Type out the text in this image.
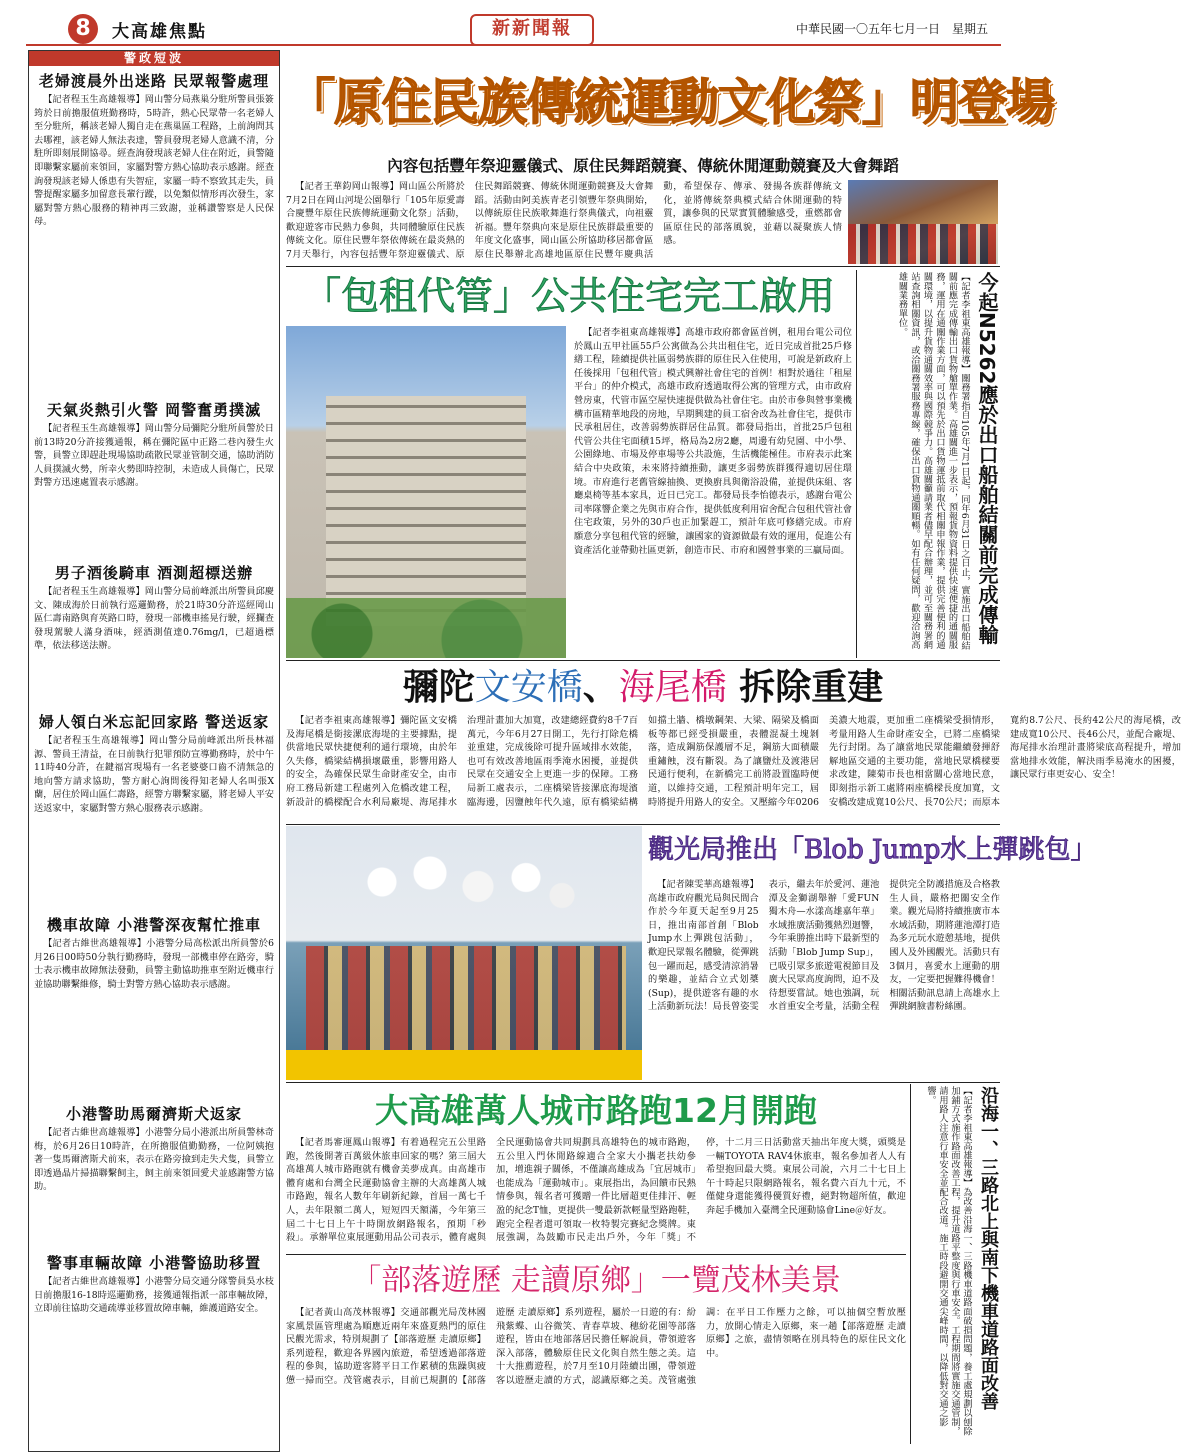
8	大高雄焦點	新新聞報	中華民國一〇五年七月一日　星期五
警政短波
老婦渡晨外出迷路 民眾報警處理

【記者程玉生高雄報導】岡山警分局燕巢分駐所警員張簽筠於日前擔服值班勤務時，5時許，熱心民眾帶一名老婦人至分駐所，稱該老婦人獨自走在燕巢區工程路，上前詢問其去哪裡，該老婦人無法表達，警員發現老婦人意識不清，分駐所即刻展開協尋。經查詢發現該老婦人住在附近，員警隨即聯繫家屬前來領回，家屬對警方熱心協助表示感謝。經查詢發現該老婦人係患有失智症，家屬一時不察致其走失，員警提醒家屬多加留意長輩行蹤，以免類似情形再次發生，家屬對警方熱心服務的精神再三致謝，並稱讚警察是人民保母。

天氣炎熱引火警 岡警奮勇撲滅

【記者程玉生高雄報導】岡山警分局彌陀分駐所員警於日前13時20分許接獲通報，稱在彌陀區中正路二巷內發生火警，員警立即趕赴現場協助疏散民眾並管制交通，協助消防人員撲滅火勢，所幸火勢即時控制，未造成人員傷亡，民眾對警方迅速處置表示感謝。

男子酒後騎車 酒測超標送辦

【記者程玉生高雄報導】岡山警分局前峰派出所警員邱慶文、陳成海於日前執行巡邏勤務，於21時30分許巡經岡山區仁壽南路與育英路口時，發現一部機車搖晃行駛，經攔查發現駕駛人滿身酒味，經酒測值達0.76mg/l，已超過標準，依法移送法辦。

婦人領白米忘記回家路 警送返家

【記者程玉生高雄報導】岡山警分局前峰派出所長林福源、警員王清益，在日前執行犯罪預防宣導勤務時，於中午11時40分許，在鍵福宮現場有一名老婆婆口齒不清無急的地向警方請求協助，警方耐心詢問後得知老婦人名叫張X蘭，居住於岡山區仁壽路，經警方聯繫家屬，將老婦人平安送返家中，家屬對警方熱心服務表示感謝。

機車故障 小港警深夜幫忙推車

【記者古維世高雄報導】小港警分局高松派出所員警於6月26日00時50分執行勤務時，發現一部機車停在路旁，騎士表示機車故障無法發動，員警主動協助推車至附近機車行並協助聯繫維修，騎士對警方熱心協助表示感謝。

小港警助馬爾濟斯犬返家

【記者古維世高雄報導】小港警分局小港派出所員警林奇梅，於6月26日10時許，在所擔服值勤勤務，一位阿姨抱著一隻馬爾濟斯犬前來，表示在路旁撿到走失犬隻，員警立即透過晶片掃描聯繫飼主，飼主前來領回愛犬並感謝警方協助。

警事車輛故障 小港警協助移置

【記者古維世高雄報導】小港警分局交通分隊警員吳水枝日前擔服16-18時巡邏勤務，接獲通報指派一部車輛故障，立即前往協助交通疏導並移置故障車輛，維護道路安全。

「原住民族傳統運動文化祭」明登場
內容包括豐年祭迎靈儀式、原住民舞蹈競賽、傳統休閒運動競賽及大會舞蹈

【記者王華鈞岡山報導】岡山區公所將於7月2日在岡山河堤公園舉行「105年原愛壽合慶豐年原住民族傳統運動文化祭」活動，歡迎遊客市民熱力參與，共同體驗原住民族傳統文化。原住民豐年祭依傳統在最炎熱的7月天舉行，內容包括豐年祭迎靈儀式、原住民舞蹈競賽、傳統休閒運動競賽及大會舞蹈。活動由阿美族青老引領豐年祭典開始，以傳統原住民族歌舞進行祭典儀式，向祖靈祈福。豐年祭典向來是原住民族群最重要的年度文化盛事，岡山區公所協助移居都會區原住民舉辦北高雄地區原住民豐年慶典活動，希望保存、傳承、發揚各族群傳統文化，並將傳統祭典模式結合休閒運動的特質，讓參與的民眾實質體驗感受，重燃都會區原住民的部落風貌，並藉以凝聚族人情感。

「包租代管」公共住宅完工啟用

【記者李祖東高雄報導】高雄市政府都會區首例，租用台電公司位於鳳山五甲社區55戶公寓做為公共出租住宅，近日完成首批25戶修繕工程，陸續提供社區弱勢族群的原住民入住使用，可說是新政府上任後採用「包租代管」模式興辦社會住宅的首例！相對於過往「租屋平台」的仲介模式，高雄市政府透過取得公寓的管理方式，由市政府營房東，代管市區空屋快速提供做為社會住宅。由於市參與營事業機構市區精華地段的房地，早期興建的員工宿舍改為社會住宅，提供市民承租居住，改善弱勢族群居住品質。都發局指出，首批25戶包租代管公共住宅面積15坪，格局為2房2廳，周邊有幼兒園、中小學、公園綠地、市場及停車場等公共設施，生活機能極佳。市府表示此案結合中央政策，未來將持續推動，讓更多弱勢族群獲得適切居住環境。市府進行老舊管線抽換、更換廚具與衛浴設備，並提供床組、客廳桌椅等基本家具，近日已完工。都發局長李怡德表示，感謝台電公司率隊響企業之先與市府合作，提供低度利用宿舍配合包租代管社會住宅政策，另外的30戶也正加緊趕工，預計年底可修繕完成。市府願意分享包租代管的經驗，讓國家的資源做最有效的運用，促進公有資產活化並帶動社區更新，創造市民、市府和國營事業的三贏局面。	今起N5262應於出口船舶結關前完成傳輸

【記者李祖東高雄報導】關務署指自105年7月1日起，同年6月31日之日止，實施出口船舶結關前應完成傳輸出口貨物艙單作業。高雄關進一步表示，預報貨物資料提供快速便捷的通關服務，運用在通關作業方面，可以預先於出口貨物運抵前取代相關申報作業，提供完善便利的通關環境，以提升貨物通關效率與國際競爭力。高雄關籲請業者儘早配合辦理，並可至關務署網站查詢相關資訊，或洽關務署服務專線，確保出口貨物通關順暢。如有任何疑問，歡迎洽詢高雄關業務單位。

彌陀文安橋、海尾橋 拆除重建

【記者李祖東高雄報導】彌陀區文安橋及海尾橋是銜接漯底海堤的主要據點，提供當地民眾快捷便利的通行環境，由於年久失修，橋梁結構損壞嚴重，影響用路人的安全，為確保民眾生命財產安全，由市府工務局新建工程處列入危橋改建工程，新設計的橋樑配合水利局廠堤、海尾排水治理計畫加大加寬，改建總經費約8千7百萬元，今年6月27日開工，先行打除危橋並重建，完成後除可提升區域排水效能，也可有效改善地區雨季淹水困擾，並提供民眾在交通安全上更進一步的保障。工務局新工處表示，二座橋梁皆接漯底海堤濱臨海邊，因鹽蝕年代久遠，原有橋梁結構如擋土牆、橋墩鋼架、大梁、隔梁及橋面板等都已經受損嚴重，表體混凝土塊剝落，造成鋼筋保護層不足，鋼筋大面積嚴重鏽蝕，沒有斷裂。為了讓鹽灶及渡港居民通行便利，在新橋完工前將設置臨時便道，以維持交通，工程預計明年完工，屆時將提升用路人的安全。又壓縮今年0206美濃大地震，更加重二座橋梁受損情形，考量用路人生命財產安全，已將二座橋梁先行封閉。為了讓當地民眾能繼續發揮舒解地區交通的主要功能，當地民眾橋樑要求改建，陳菊市長也相當關心當地民意，即刻指示新工處將兩座橋樑長度加寬，文安橋改建成寬10公尺、長70公尺；而原本寬約8.7公尺、長約42公尺的海尾橋，改建成寬10公尺、長46公尺，並配合廠堤、海尾排水治理計畫將梁底高程提升，增加當地排水效能，解決雨季易淹水的困擾，讓民眾行車更安心、安全！

觀光局推出「Blob Jump水上彈跳包」

【記者陳雯華高雄報導】高雄市政府觀光局與民間合作於今年夏天起至9月25日，推出南部首創「Blob Jump水上彈跳包活動」，歡迎民眾報名體驗，從彈跳包一躍而起，感受清涼消暑的樂趣，並結合立式划槳(Sup)，提供遊客有趣的水上活動新玩法！局長曾姿雯表示，繼去年於愛河、蓮池潭及金獅湖舉辦「愛FUN獨木舟—水漾高雄嘉年華」水域推廣活動獲熱烈迴響，今年乘勝推出時下最新型的活動「Blob Jump Sup」，已吸引眾多旅遊電視節目及廣大民眾高度詢問，迫不及待想要嘗試。她也強調，玩水首重安全考量，活動全程提供完全防護措施及合格教生人員，嚴格把關安全作業。觀光局將持續推廣市本水域活動，期將蓮池潭打造為多元玩水遊憩基地，提供國人及外國觀光。活動只有3個月，喜愛水上運動的朋友，一定要把握難得機會！相關活動訊息請上高雄水上彈跳網臉書粉絲團。

大高雄萬人城市路跑12月開跑

【記者馬審運鳳山報導】有着過程完五公里路跑，然後開著百萬級休旅車回家的嗎？第三屆大高雄萬人城市路跑就有機會美夢成真。由高雄市體育處和台灣全民運動協會主辦的大高雄萬人城市路跑，報名人數年年刷新紀錄，首屆一萬七千人，去年限額二萬人，短短四天額滿，今年第三屆二十七日上午十時開放網路報名，預期「秒殺」。承辦單位東展運動用品公司表示，體育處與全民運動協會共同規劃具高雄特色的城市路跑，五公里入門休閒路線適合全家大小攜老扶幼參加，增進親子關係，不僅讓高雄成為「宜居城市」也能成為「運動城市」。東展指出，為回饋市民熱情參與，報名者可獲贈一件比層超更佳排汗、輕盈的紀念T恤，更提供一雙最新款輕量型路跑鞋，跑完全程者還可領取一枚特製完賽紀念獎牌。東展強調，為鼓勵市民走出戶外，今年「獎」不停，十二月三日活動當天抽出年度大獎，頭獎是一輛TOYOTA RAV4休旅車，報名參加者人人有希望抱回最大獎。東展公司說，六月二十七日上午十時起只限網路報名，報名費六百九十元，不僅健身還能獲得優質好禮，絕對物超所值，歡迎奔起手機加入臺灣全民運動協會Line＠好友。	沿海一、三路北上與南下機車道路面改善

【記者李祖東高雄報導】為改善沿海一、三路機車道路面破損問題，養工處規劃以刨除加鋪方式施作路面改善工程，提升道路平整度與行車安全。工程期間將實施交通管制，請用路人注意行車安全並配合改道。施工時段避開交通尖峰時間，以降低對交通之影響。

「部落遊歷 走讀原鄉」一覽茂林美景

【記者黃山高茂林報導】交通部觀光局茂林國家風景區管理處為順應近兩年來盛夏熱門的原住民觀光需求，特別規劃了【部落遊歷 走讀原鄉】系列遊程，歡迎各界國內旅遊，希望透過部落遊程的參與，協助遊客將平日工作累積的焦躁與疲憊一掃而空。茂管處表示，目前已規劃的【部落遊歷 走讀原鄉】系列遊程，屬於一日遊的有：紛飛紫蝶、山谷微笑、青春草坡、穗紛花園等部落遊程，皆由在地部落居民擔任解說員，帶領遊客深入部落，體驗原住民文化與自然生態之美。這十大推薦遊程，於7月至10月陸續出團，帶領遊客以遊歷走讀的方式，認識原鄉之美。茂管處強調：在平日工作壓力之餘，可以抽個空暫放壓力，放開心情走入原鄉，來一趟【部落遊歷 走讀原鄉】之旅，盡情領略在別具特色的原住民文化中。
